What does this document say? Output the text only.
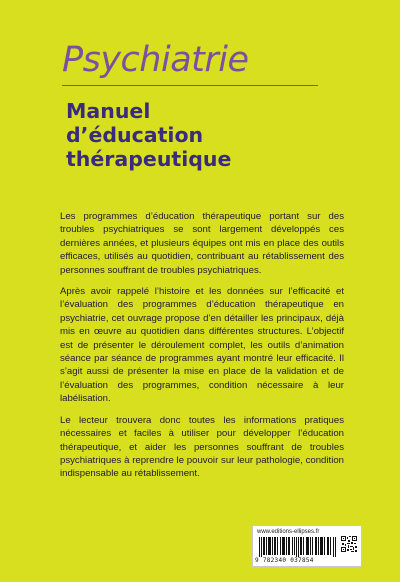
Psychiatrie
Manuel
d’éducation
thérapeutique

Les programmes d’éducation thérapeutique portant sur des troubles psychiatriques se sont largement développés ces dernières années, et plusieurs équipes ont mis en place des outils efficaces, utilisés au quotidien, contribuant au rétablissement des personnes souffrant de troubles psychiatriques.

Après avoir rappelé l’histoire et les données sur l’efficacité et l’évaluation des programmes d’éducation thérapeutique en psychiatrie, cet ouvrage propose d’en détailler les principaux, déjà mis en œuvre au quotidien dans différentes structures. L’objectif est de présenter le déroulement complet, les outils d’animation séance par séance de programmes ayant montré leur efficacité. Il s’agit aussi de présenter la mise en place de la validation et de l’évaluation des programmes, condition nécessaire à leur labélisation.

Le lecteur trouvera donc toutes les informations pratiques nécessaires et faciles à utiliser pour développer l’éducation thérapeutique, et aider les personnes souffrant de troubles psychiatriques à reprendre le pouvoir sur leur pathologie, condition indispensable au rétablissement.

www.editions-ellipses.fr
9 782340 037854
